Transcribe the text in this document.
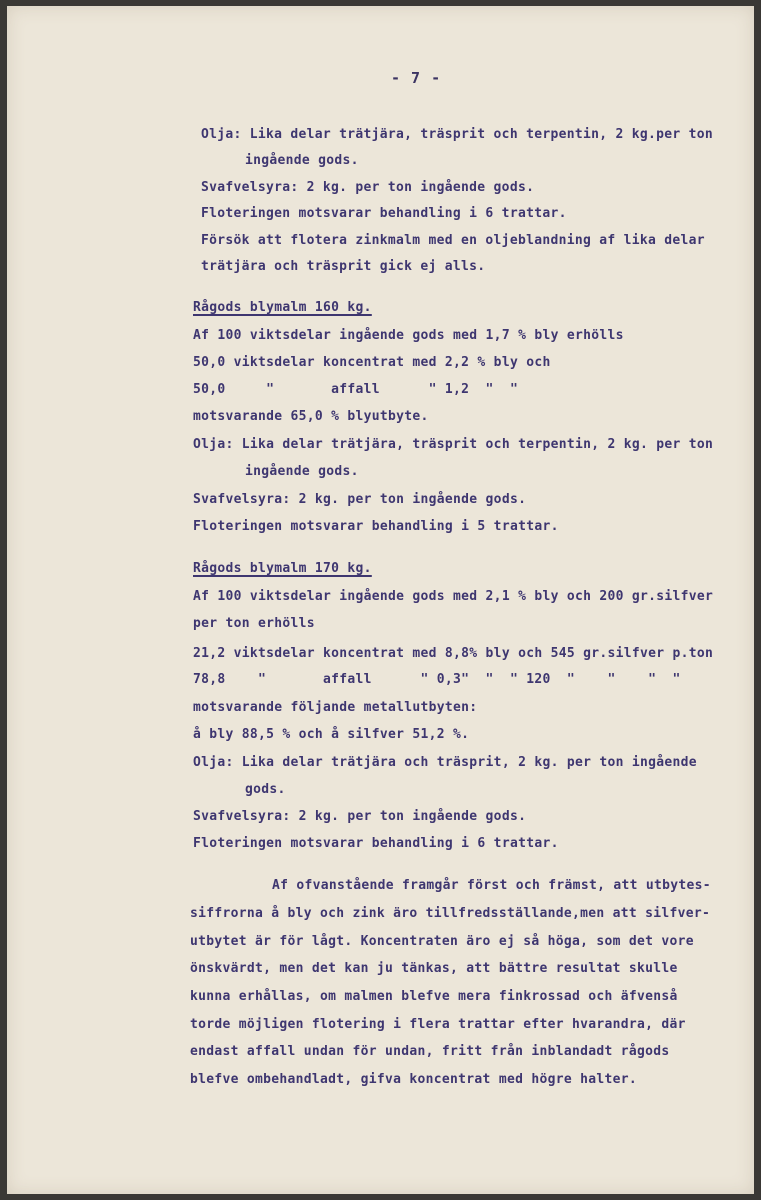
- 7 -
Olja: Lika delar trätjära, träsprit och terpentin, 2 kg.per ton
ingående gods.
Svafvelsyra: 2 kg. per ton ingående gods.
Floteringen motsvarar behandling i 6 trattar.
Försök att flotera zinkmalm med en oljeblandning af lika delar
trätjära och träsprit gick ej alls.
Rågods blymalm 160 kg.
Af 100 viktsdelar ingående gods med 1,7 % bly erhölls
50,0 viktsdelar koncentrat med 2,2 % bly och
50,0     "       affall      " 1,2  "  "
motsvarande 65,0 % blyutbyte.
Olja: Lika delar trätjära, träsprit och terpentin, 2 kg. per ton
ingående gods.
Svafvelsyra: 2 kg. per ton ingående gods.
Floteringen motsvarar behandling i 5 trattar.
Rågods blymalm 170 kg.
Af 100 viktsdelar ingående gods med 2,1 % bly och 200 gr.silfver
per ton erhölls
21,2 viktsdelar koncentrat med 8,8% bly och 545 gr.silfver p.ton
78,8    "       affall      " 0,3"  "  " 120  "    "    "  "
motsvarande följande metallutbyten:
å bly 88,5 % och å silfver 51,2 %.
Olja: Lika delar trätjära och träsprit, 2 kg. per ton ingående
gods.
Svafvelsyra: 2 kg. per ton ingående gods.
Floteringen motsvarar behandling i 6 trattar.
Af ofvanstående framgår först och främst, att utbytes-
siffrorna å bly och zink äro tillfredsställande,men att silfver-
utbytet är för lågt. Koncentraten äro ej så höga, som det vore
önskvärdt, men det kan ju tänkas, att bättre resultat skulle
kunna erhållas, om malmen blefve mera finkrossad och äfvenså
torde möjligen flotering i flera trattar efter hvarandra, där
endast affall undan för undan, fritt från inblandadt rågods
blefve ombehandladt, gifva koncentrat med högre halter.
